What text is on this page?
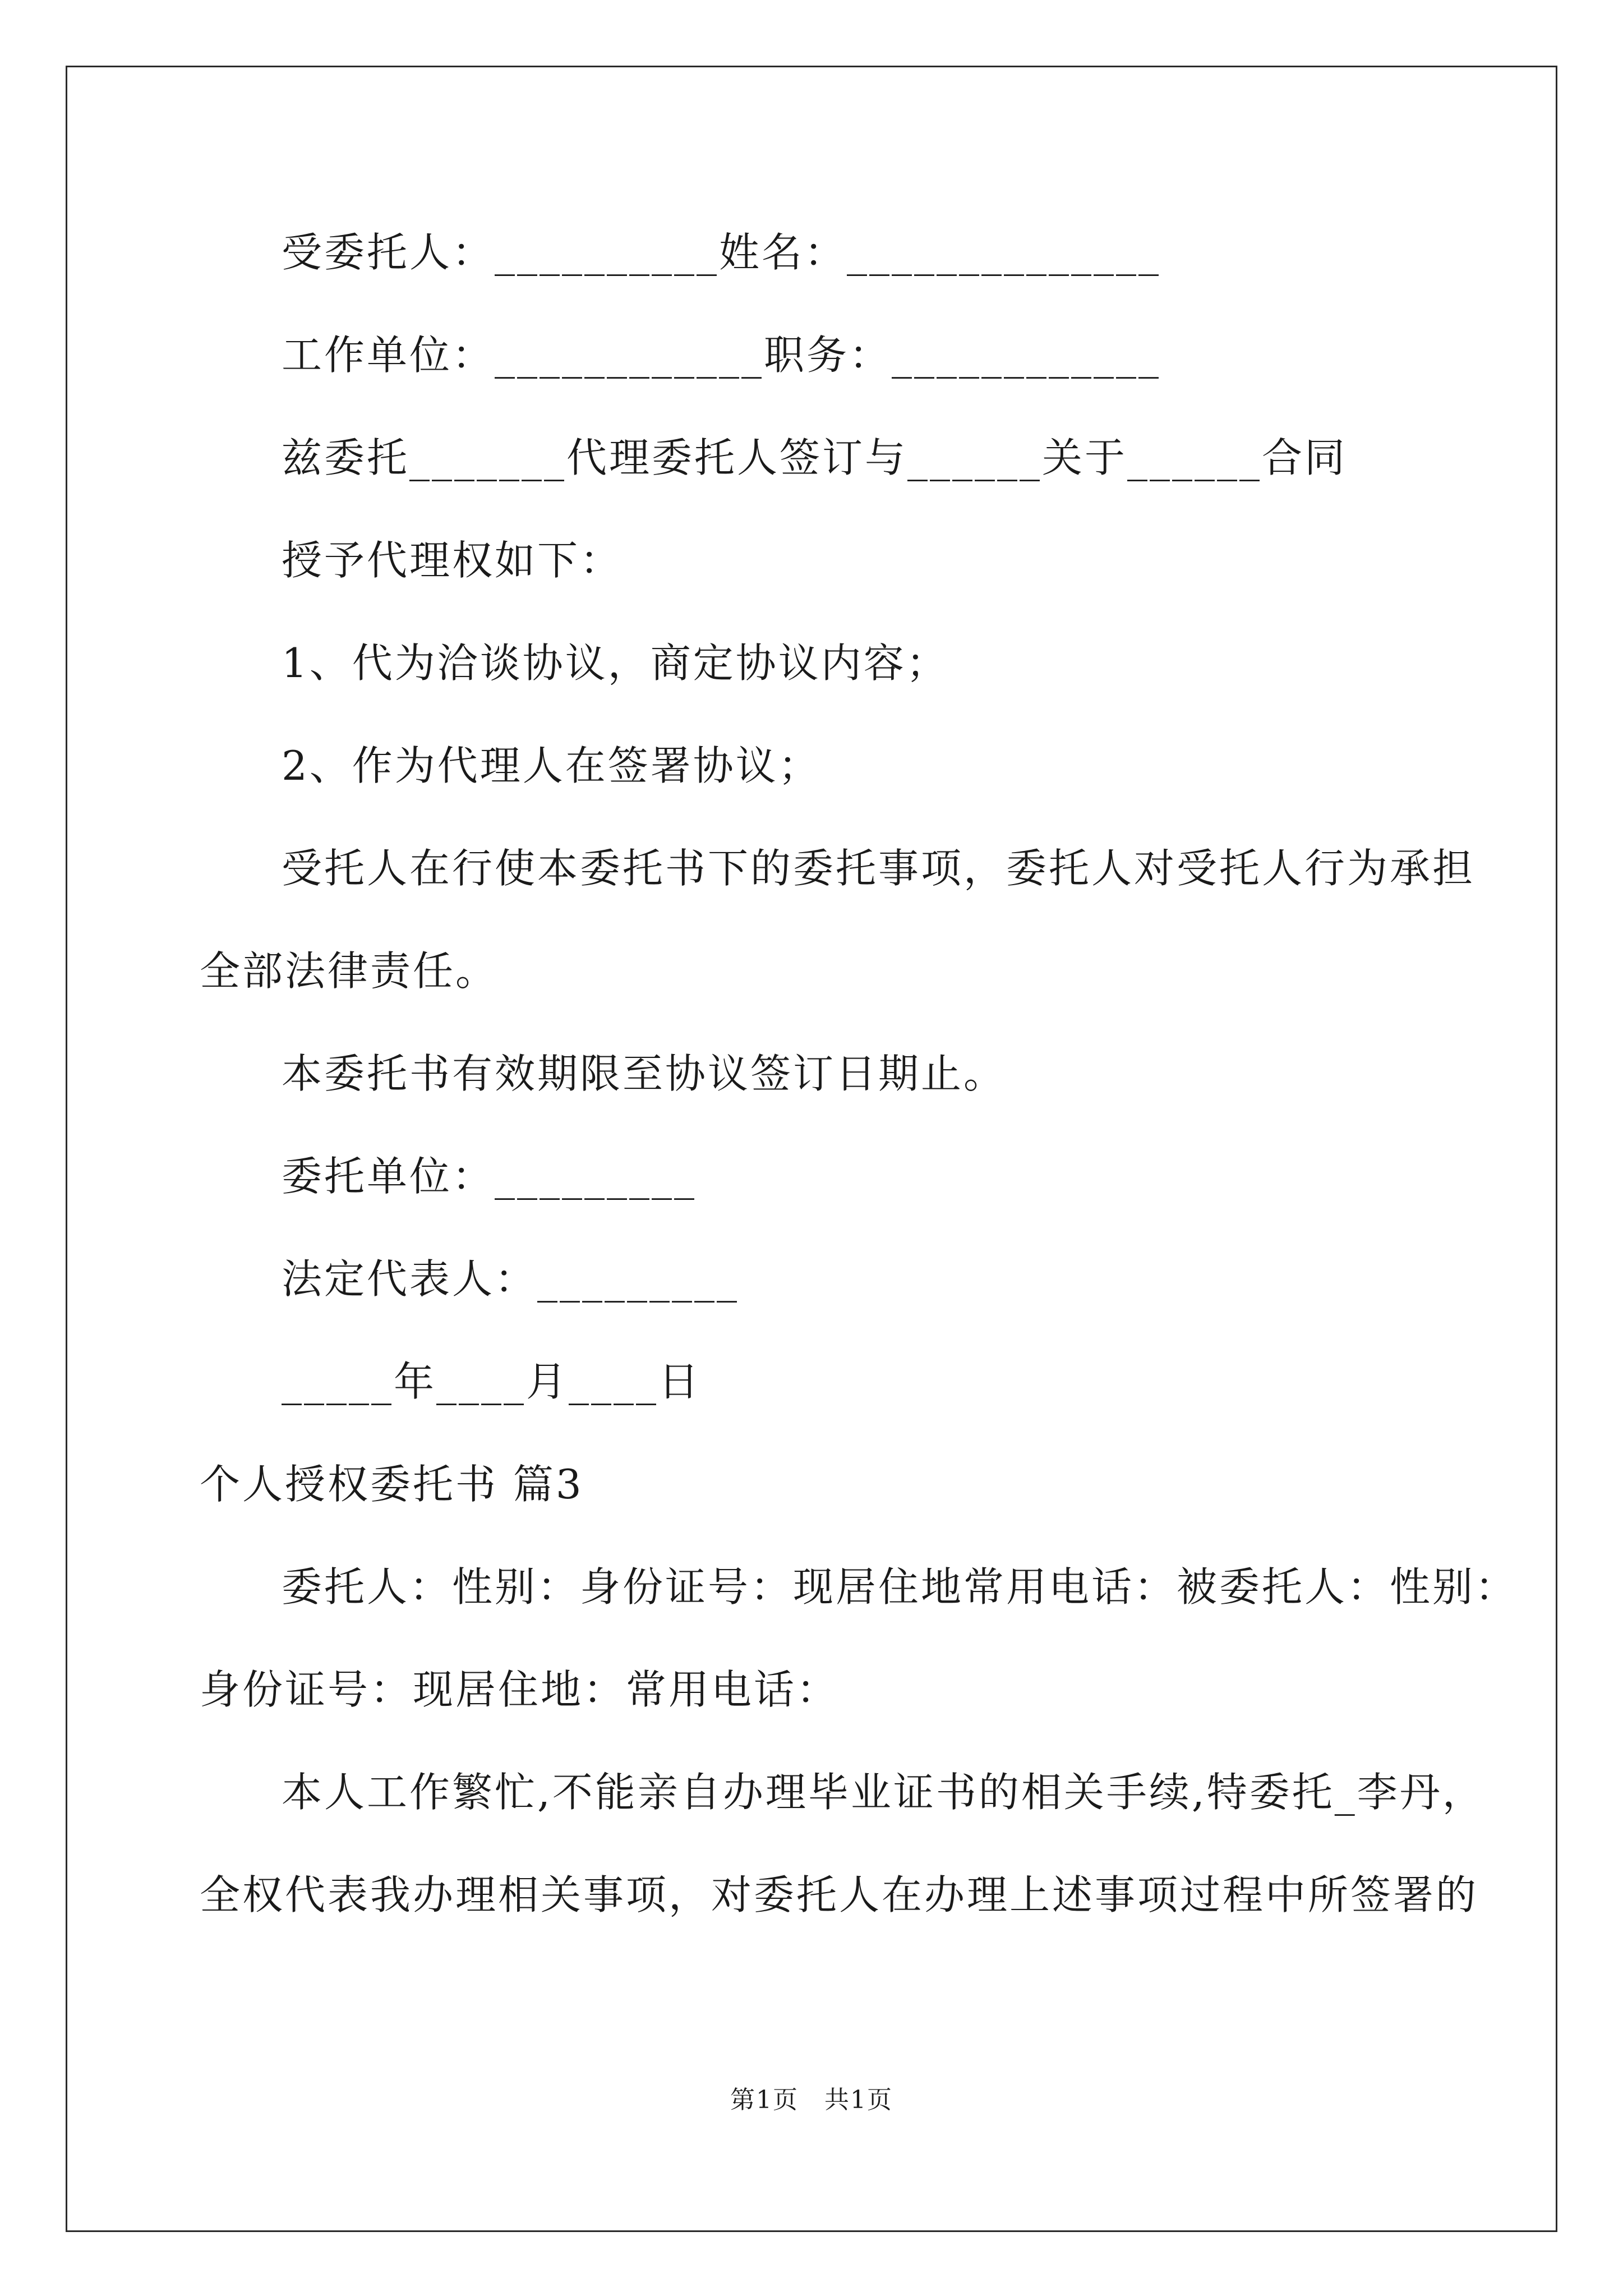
受委托人：__________姓名：______________
工作单位：____________职务：____________
兹委托_______代理委托人签订与______关于______合同
授予代理权如下：
1、代为洽谈协议，商定协议内容；
2、作为代理人在签署协议；
受托人在行使本委托书下的委托事项，委托人对受托人行为承担
全部法律责任。
本委托书有效期限至协议签订日期止。
委托单位：_________
法定代表人：_________
_____年____月____日
个人授权委托书 篇3
委托人：性别：身份证号：现居住地常用电话：被委托人：性别：
身份证号：现居住地：常用电话：
本人工作繁忙,不能亲自办理毕业证书的相关手续,特委托_李丹，
全权代表我办理相关事项，对委托人在办理上述事项过程中所签署的
第1页　共1页
